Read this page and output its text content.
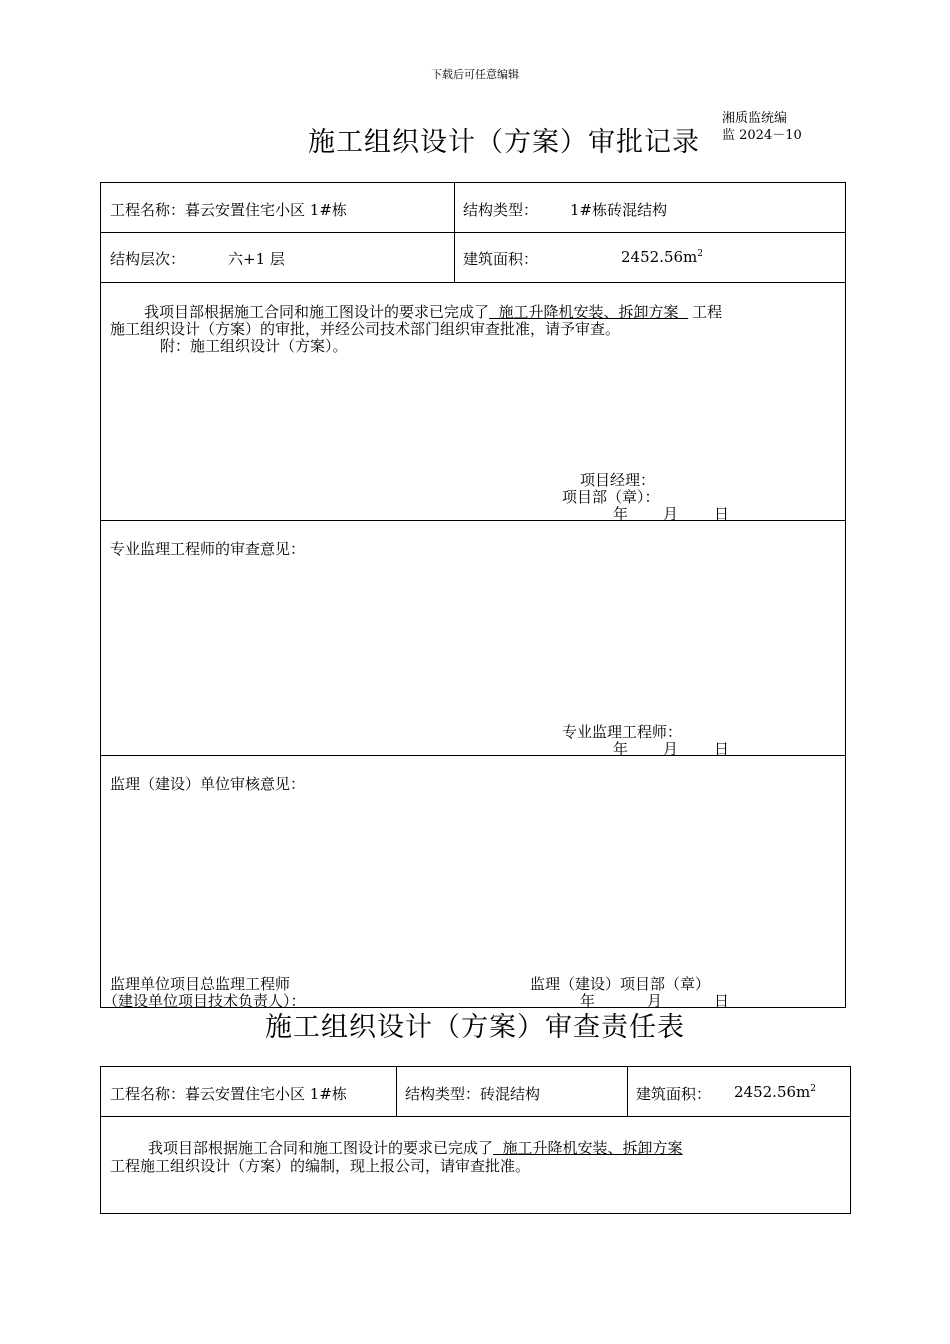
下载后可任意编辑
施工组织设计（方案）审批记录
湘质监统编
监 2024－10
工程名称：暮云安置住宅小区 1#栋	结构类型： 1#栋砖混结构
结构层次：	六+1 层	建筑面积：	$2452.56m^2$
我项目部根据施工合同和施工图设计的要求已完成了  施工升降机安装、拆卸方案  工程
施工组织设计（方案）的审批，并经公司技术部门组织审查批准，请予审查。
附：施工组织设计（方案）。
项目经理：
项目部（章）：
年 月 日
专业监理工程师的审查意见：
专业监理工程师：
年 月 日
监理（建设）单位审核意见：
监理单位项目总监理工程师
（建设单位项目技术负责人）：
监理（建设）项目部（章）
年	月	日
施工组织设计（方案）审查责任表
工程名称：暮云安置住宅小区 1#栋	结构类型：砖混结构	建筑面积： $2452.56m^2$
我项目部根据施工合同和施工图设计的要求已完成了  施工升降机安装、拆卸方案
工程施工组织设计（方案）的编制，现上报公司，请审查批准。
